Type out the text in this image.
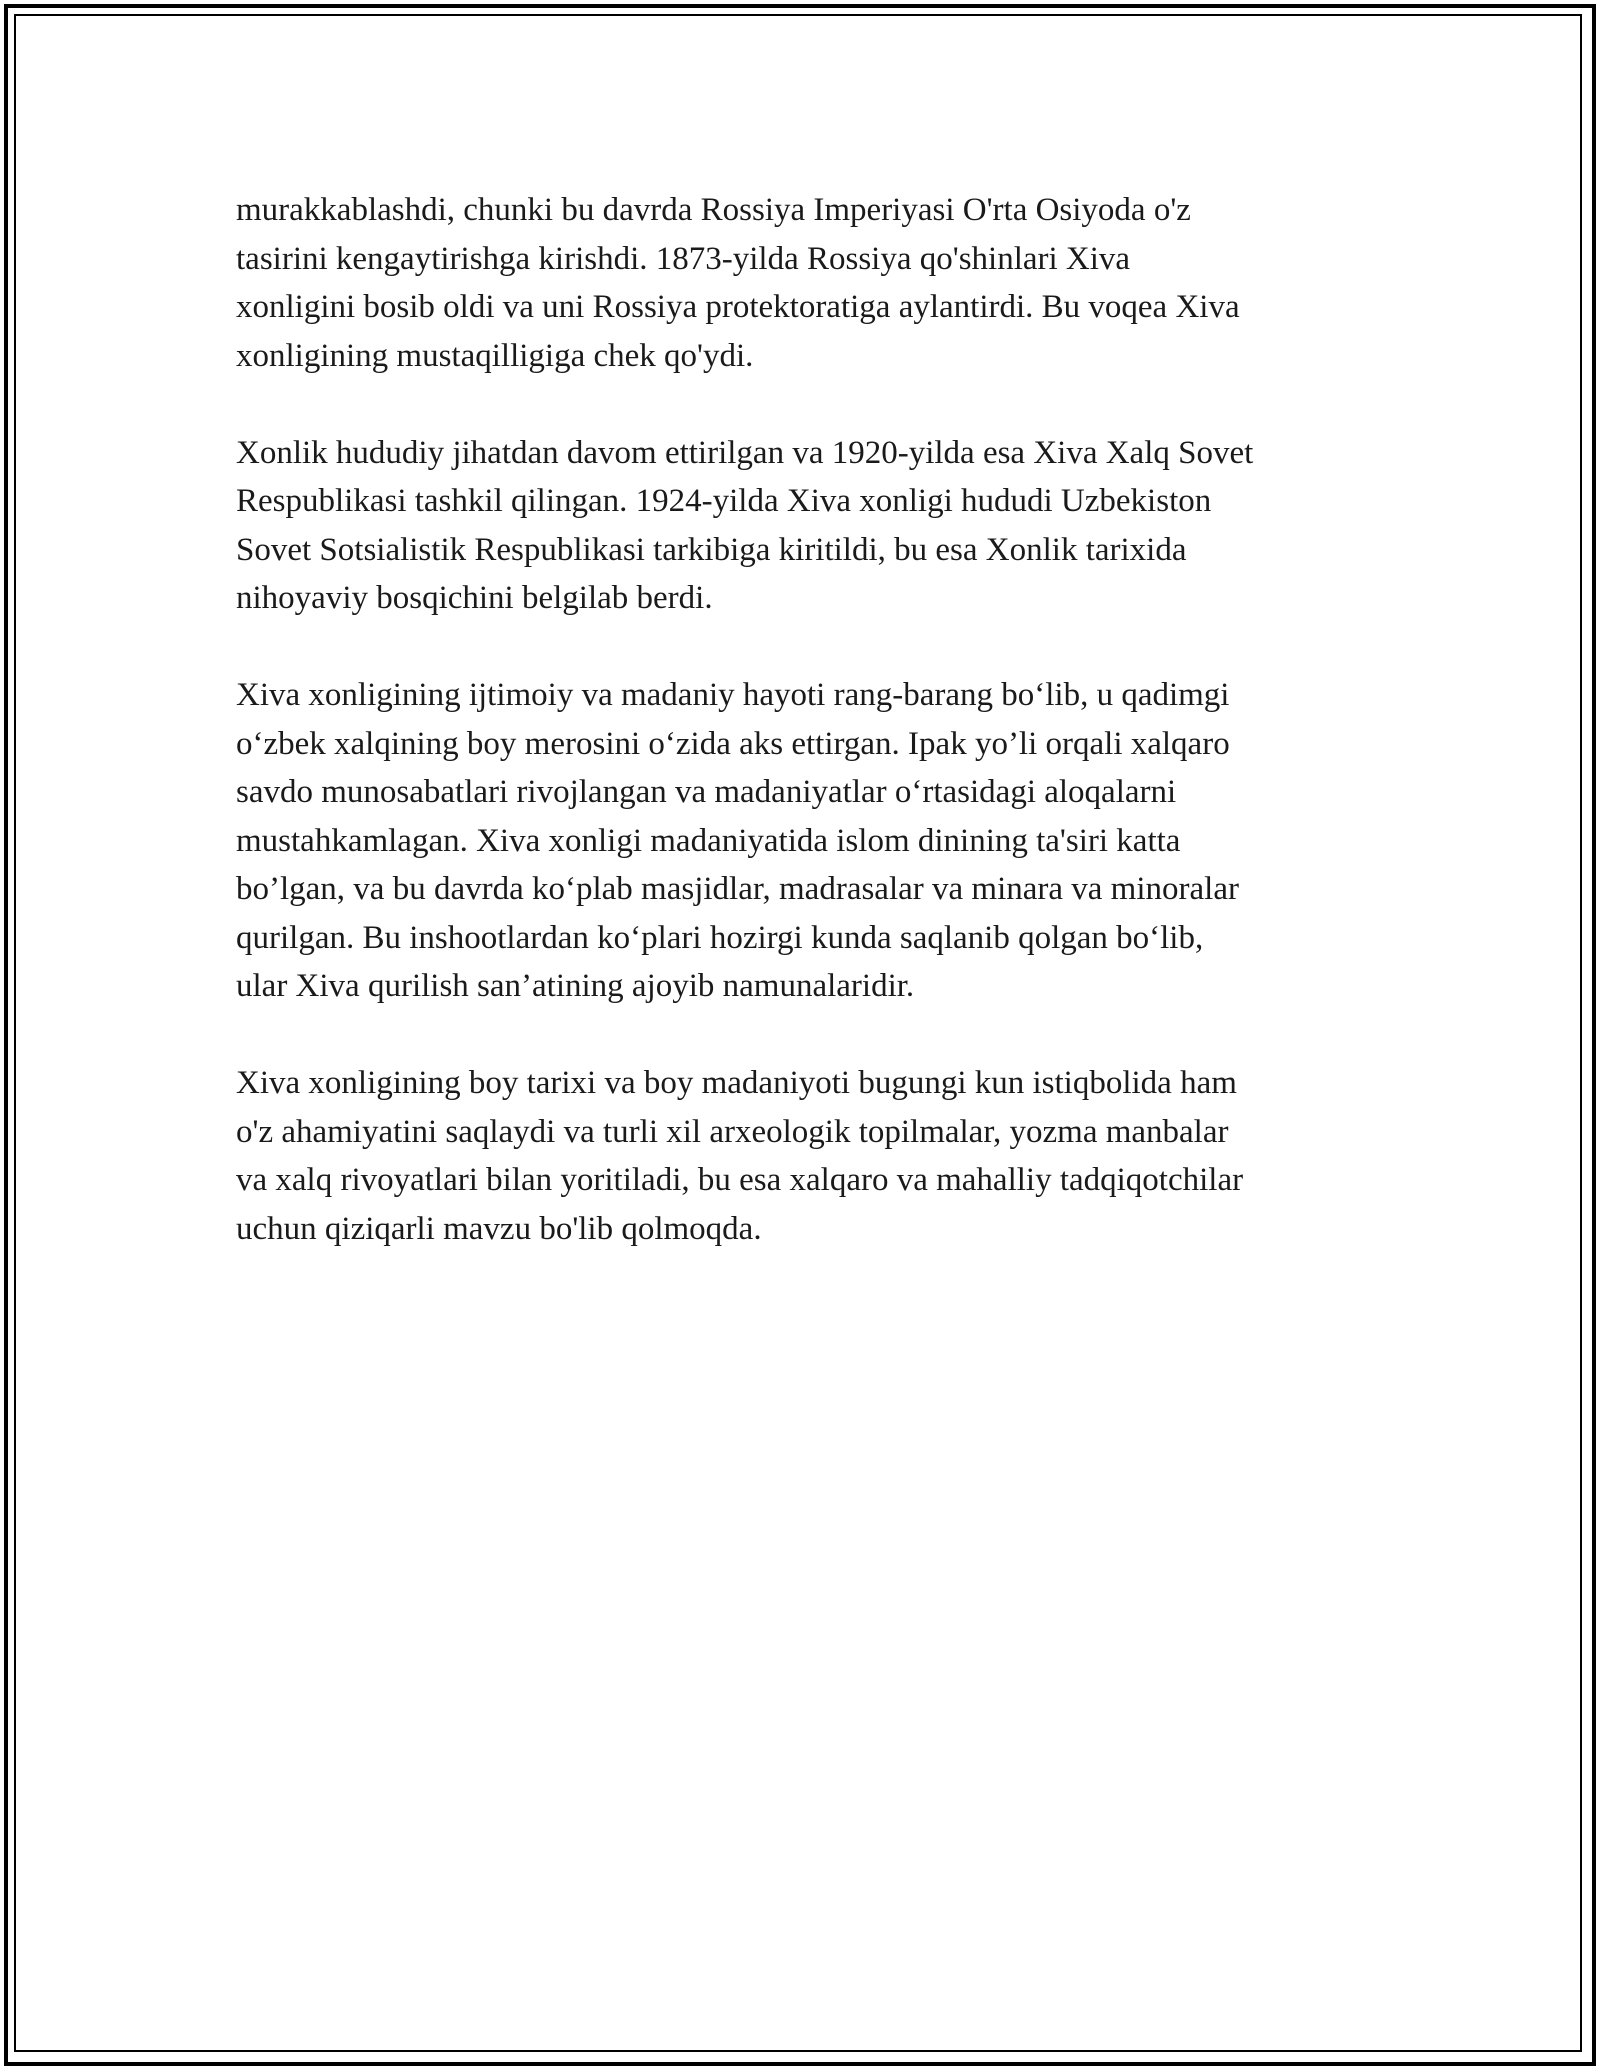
murakkablashdi, chunki bu davrda Rossiya Imperiyasi O'rta Osiyoda o'z
tasirini kengaytirishga kirishdi. 1873-yilda Rossiya qo'shinlari Xiva
xonligini bosib oldi va uni Rossiya protektoratiga aylantirdi. Bu voqea Xiva
xonligining mustaqilligiga chek qo'ydi.

Xonlik hududiy jihatdan davom ettirilgan va 1920-yilda esa Xiva Xalq Sovet
Respublikasi tashkil qilingan. 1924-yilda Xiva xonligi hududi Uzbekiston
Sovet Sotsialistik Respublikasi tarkibiga kiritildi, bu esa Xonlik tarixida
nihoyaviy bosqichini belgilab berdi.

Xiva xonligining ijtimoiy va madaniy hayoti rang-barang bo‘lib, u qadimgi
o‘zbek xalqining boy merosini o‘zida aks ettirgan. Ipak yo’li orqali xalqaro
savdo munosabatlari rivojlangan va madaniyatlar o‘rtasidagi aloqalarni
mustahkamlagan. Xiva xonligi madaniyatida islom dinining ta'siri katta
bo’lgan, va bu davrda ko‘plab masjidlar, madrasalar va minara va minoralar
qurilgan. Bu inshootlardan ko‘plari hozirgi kunda saqlanib qolgan bo‘lib,
ular Xiva qurilish san’atining ajoyib namunalaridir.

Xiva xonligining boy tarixi va boy madaniyoti bugungi kun istiqbolida ham
o'z ahamiyatini saqlaydi va turli xil arxeologik topilmalar, yozma manbalar
va xalq rivoyatlari bilan yoritiladi, bu esa xalqaro va mahalliy tadqiqotchilar
uchun qiziqarli mavzu bo'lib qolmoqda.
